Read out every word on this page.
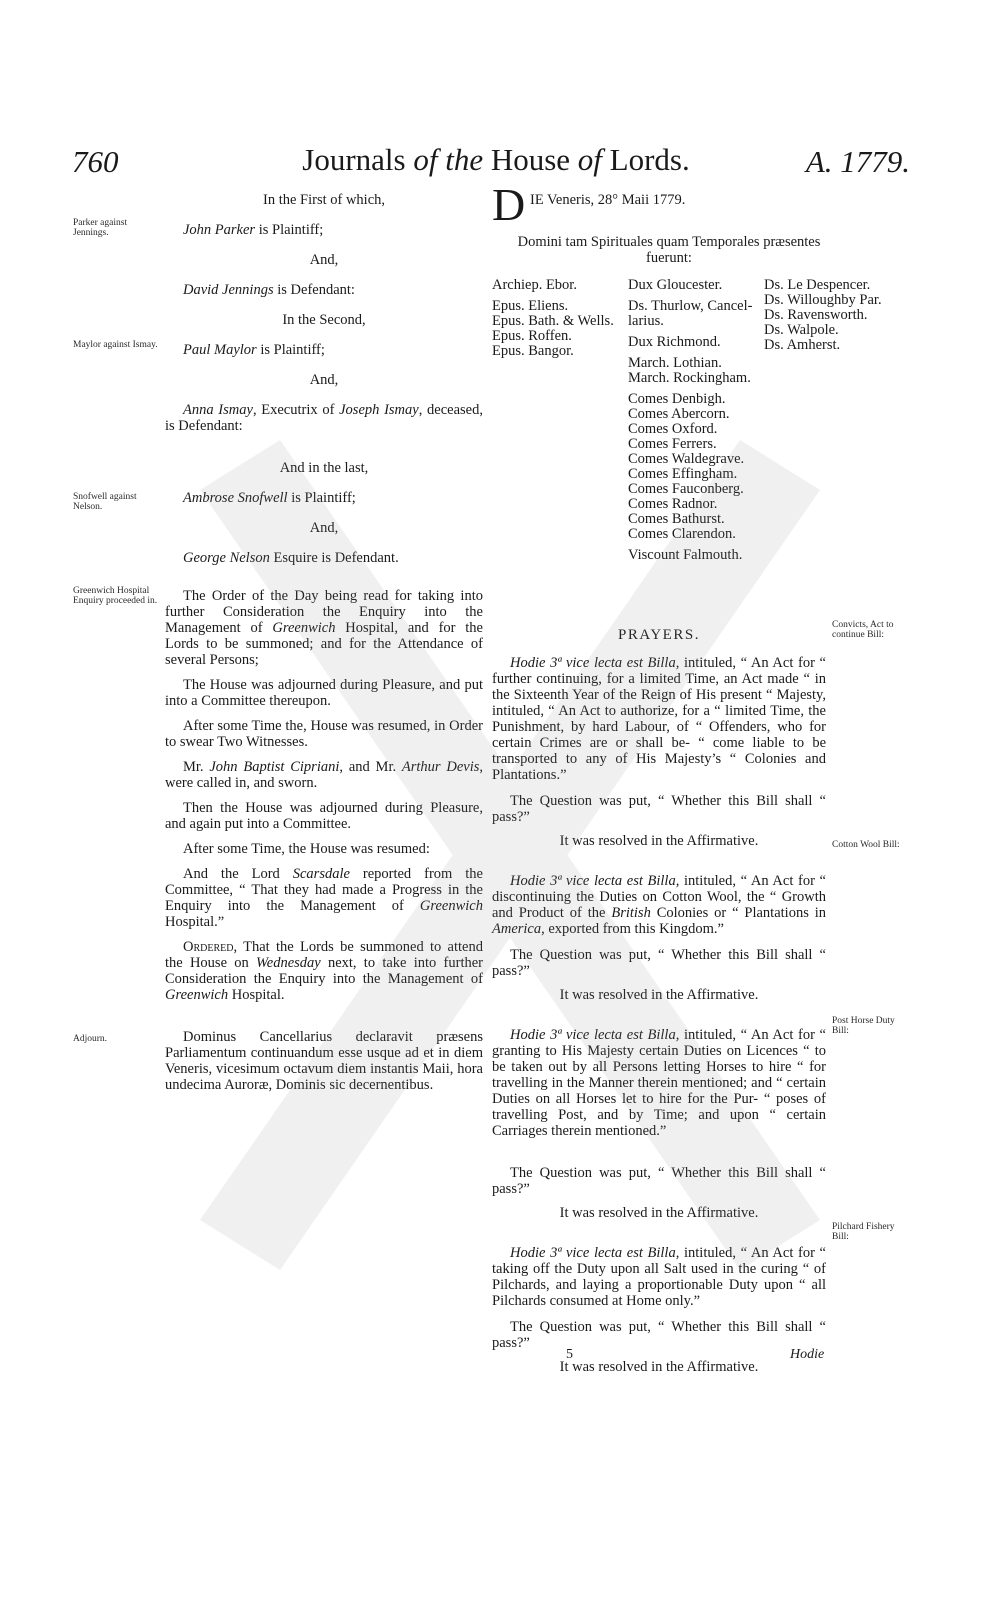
760	Journals of the House of Lords.	A. 1779.
Parker against Jennings.
Maylor against Ismay.
Snofwell against Nelson.
Greenwich Hospital Enquiry proceeded in.
Adjourn.
Convicts, Act to continue Bill:
Cotton Wool Bill:
Post Horse Duty Bill:
Pilchard Fishery Bill:

In the First of which,

John Parker is Plaintiff;

And,

David Jennings is Defendant:

In the Second,

Paul Maylor is Plaintiff;

And,

Anna Ismay, Executrix of Joseph Ismay, deceased, is Defendant:

And in the last,

Ambrose Snofwell is Plaintiff;

And,

George Nelson Esquire is Defendant.

The Order of the Day being read for taking into further Consideration the Enquiry into the Management of Greenwich Hospital, and for the Lords to be summoned; and for the Attendance of several Persons;

The House was adjourned during Pleasure, and put into a Committee thereupon.

After some Time the, House was resumed, in Order to swear Two Witnesses.

Mr. John Baptist Cipriani, and Mr. Arthur Devis, were called in, and sworn.

Then the House was adjourned during Pleasure, and again put into a Committee.

After some Time, the House was resumed:

And the Lord Scarsdale reported from the Committee, “ That they had made a Progress in the Enquiry into the Management of Greenwich Hospital.”

Ordered, That the Lords be summoned to attend the House on Wednesday next, to take into further Consideration the Enquiry into the Management of Greenwich Hospital.

Dominus Cancellarius declaravit præsens Parliamentum continuandum esse usque ad et in diem Veneris, vicesimum octavum diem instantis Maii, hora undecima Auroræ, Dominis sic decernentibus.

D IE Veneris, 28° Maii 1779.

Domini tam Spirituales quam Temporales præsentes fuerunt:

Archiep. Ebor.
Epus. Eliens.
Epus. Bath. & Wells.
Epus. Roffen.
Epus. Bangor.
Dux Gloucester.
Ds. Thurlow, Cancel-
larius.
Dux Richmond.
March. Lothian.
March. Rockingham.
Comes Denbigh.
Comes Abercorn.
Comes Oxford.
Comes Ferrers.
Comes Waldegrave.
Comes Effingham.
Comes Fauconberg.
Comes Radnor.
Comes Bathurst.
Comes Clarendon.
Viscount Falmouth.
Ds. Le Despencer.
Ds. Willoughby Par.
Ds. Ravensworth.
Ds. Walpole.
Ds. Amherst.

PRAYERS.

Hodie 3ª vice lecta est Billa, intituled, “ An Act for “ further continuing, for a limited Time, an Act made “ in the Sixteenth Year of the Reign of His present “ Majesty, intituled, “ An Act to authorize, for a “ limited Time, the Punishment, by hard Labour, of “ Offenders, who for certain Crimes are or shall be- “ come liable to be transported to any of His Majesty’s “ Colonies and Plantations.”

The Question was put, “ Whether this Bill shall “ pass?”

It was resolved in the Affirmative.

Hodie 3ª vice lecta est Billa, intituled, “ An Act for “ discontinuing the Duties on Cotton Wool, the “ Growth and Product of the British Colonies or “ Plantations in America, exported from this Kingdom.”

The Question was put, “ Whether this Bill shall “ pass?”

It was resolved in the Affirmative.

Hodie 3ª vice lecta est Billa, intituled, “ An Act for “ granting to His Majesty certain Duties on Licences “ to be taken out by all Persons letting Horses to hire “ for travelling in the Manner therein mentioned; and “ certain Duties on all Horses let to hire for the Pur- “ poses of travelling Post, and by Time; and upon “ certain Carriages therein mentioned.”

The Question was put, “ Whether this Bill shall “ pass?”

It was resolved in the Affirmative.

Hodie 3ª vice lecta est Billa, intituled, “ An Act for “ taking off the Duty upon all Salt used in the curing “ of Pilchards, and laying a proportionable Duty upon “ all Pilchards consumed at Home only.”

The Question was put, “ Whether this Bill shall “ pass?”

It was resolved in the Affirmative.

5	Hodie
